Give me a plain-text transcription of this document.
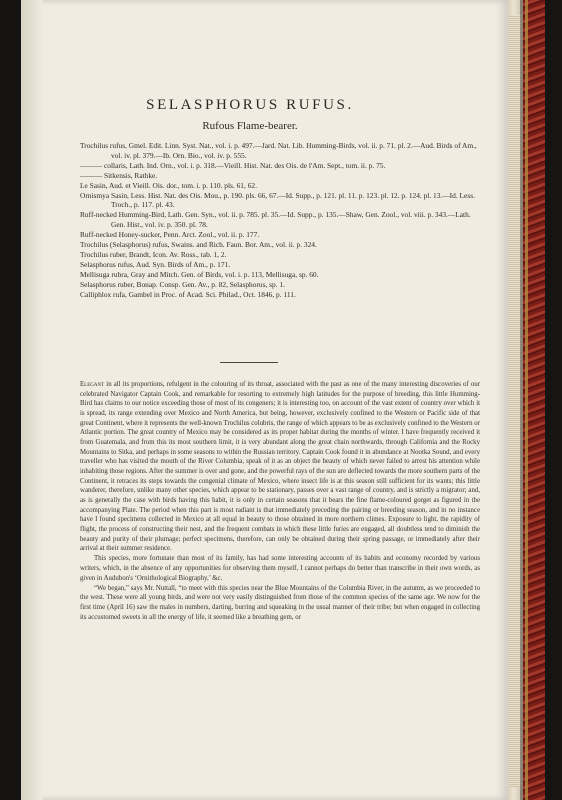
SELASPHORUS RUFUS.
Rufous Flame-bearer.

Trochilus rufus, Gmel. Edit. Linn. Syst. Nat., vol. i. p. 497.—Jard. Nat. Lib. Humming-Birds, vol. ii. p. 71. pl. 2.—Aud. Birds of Am., vol. iv. pl. 379.—Ib. Orn. Bio., vol. iv. p. 555.

——— collaris, Lath. Ind. Orn., vol. i. p. 318.—Vieill. Hist. Nat. des Ois. de l'Am. Sept., tom. ii. p. 75.

——— Sitkensis, Rathke.

Le Sasin, Aud. et Vieill. Ois. dor., tom. i. p. 110. pls. 61, 62.

Ornismya Sasin, Less. Hist. Nat. des Ois. Mou., p. 190. pls. 66, 67.—Id. Supp., p. 121. pl. 11. p. 123. pl. 12. p. 124. pl. 13.—Id. Less. Troch., p. 117. pl. 43.

Ruff-necked Humming-Bird, Lath. Gen. Syn., vol. ii. p. 785. pl. 35.—Id. Supp., p. 135.—Shaw, Gen. Zool., vol. viii. p. 343.—Lath. Gen. Hist., vol. iv. p. 350. pl. 78.

Ruff-necked Honey-sucker, Penn. Arct. Zool., vol. ii. p. 177.

Trochilus (Selasphorus) rufus, Swains. and Rich. Faun. Bor. Am., vol. ii. p. 324.

Trochilus ruber, Brandt, Icon. Av. Ross., tab. 1, 2.

Selasphorus rufus, Aud. Syn. Birds of Am., p. 171.

Mellisuga rubra, Gray and Mitch. Gen. of Birds, vol. i. p. 113, Mellisuga, sp. 60.

Selasphorus ruber, Bonap. Consp. Gen. Av., p. 82, Selasphorus, sp. 1.

Calliphlox rufa, Gambel in Proc. of Acad. Sci. Philad., Oct. 1846, p. 111.

Elegant in all its proportions, refulgent in the colouring of its throat, associated with the past as one of the many interesting discoveries of our celebrated Navigator Captain Cook, and remarkable for resorting to extremely high latitudes for the purpose of breeding, this little Humming-Bird has claims to our notice exceeding those of most of its congeners; it is interesting too, on account of the vast extent of country over which it is spread, its range extending over Mexico and North America, but being, however, exclusively confined to the Western or Pacific side of that great Continent, where it represents the well-known Trochilus colubris, the range of which appears to be as exclusively confined to the Western or Atlantic portion. The great country of Mexico may be considered as its proper habitat during the months of winter. I have frequently received it from Guatemala, and from this its most southern limit, it is very abundant along the great chain northwards, through California and the Rocky Mountains to Sitka, and perhaps in some seasons to within the Russian territory. Captain Cook found it in abundance at Nootka Sound, and every traveller who has visited the mouth of the River Columbia, speak of it as an object the beauty of which never failed to arrest his attention while inhabiting those regions. After the summer is over and gone, and the powerful rays of the sun are deflected towards the more southern parts of the Continent, it retraces its steps towards the congenial climate of Mexico, where insect life is at this season still sufficient for its wants; this little wanderer, therefore, unlike many other species, which appear to be stationary, passes over a vast range of country, and is strictly a migrator; and, as is generally the case with birds having this habit, it is only in certain seasons that it bears the fine flame-coloured gorget as figured in the accompanying Plate. The period when this part is most radiant is that immediately preceding the pairing or breeding season, and in no instance have I found specimens collected in Mexico at all equal in beauty to those obtained in more northern climes. Exposure to light, the rapidity of flight, the process of constructing their nest, and the frequent combats in which these little furies are engaged, all doubtless tend to diminish the beauty and purity of their plumage; perfect specimens, therefore, can only be obtained during their spring passage, or immediately after their arrival at their summer residence.

This species, more fortunate than most of its family, has had some interesting accounts of its habits and economy recorded by various writers, which, in the absence of any opportunities for observing them myself, I cannot perhaps do better than transcribe in their own words, as given in Audubon's ‘Ornithological Biography,’ &c.

“We began,” says Mr. Nuttall, “to meet with this species near the Blue Mountains of the Columbia River, in the autumn, as we proceeded to the west. These were all young birds, and were not very easily distinguished from those of the common species of the same age. We now for the first time (April 16) saw the males in numbers, darting, burring and squeaking in the usual manner of their tribe; but when engaged in collecting its accustomed sweets in all the energy of life, it seemed like a breathing gem, or
